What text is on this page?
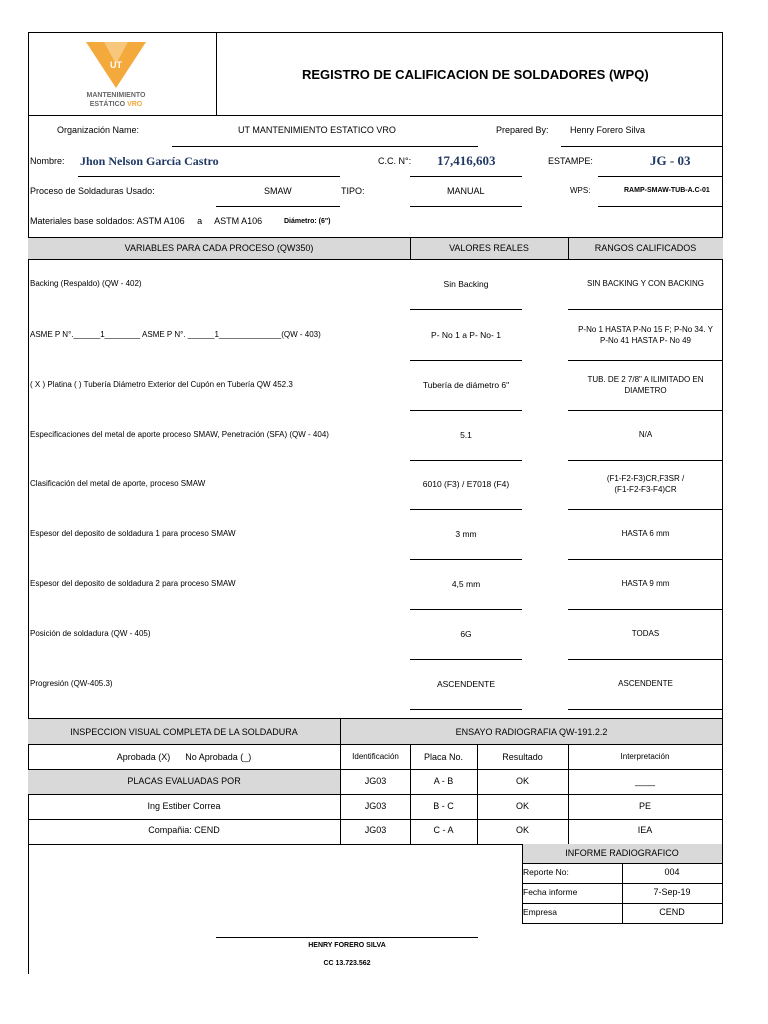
UT
MANTENIMIENTO
ESTÁTICO VRO
REGISTRO DE CALIFICACION DE SOLDADORES (WPQ)
Organización Name:	UT MANTENIMIENTO ESTATICO VRO	Prepared By: Henry Forero Silva
Nombre: Jhon Nelson García Castro	C.C. N°: 17,416,603	ESTAMPE:	JG - 03
Proceso de Soldaduras Usado:	SMAW	TIPO:	MANUAL	WPS:	RAMP-SMAW-TUB-A.C-01
Materiales base soldados: ASTM A106     a     ASTM A106	Diámetro: (6")
VARIABLES PARA CADA PROCESO (QW350)	VALORES REALES	RANGOS CALIFICADOS
Backing (Respaldo) (QW - 402)	Sin Backing	SIN BACKING Y CON BACKING
ASME P N°.______1________ ASME P N°. ______1______________(QW - 403)	P- No 1 a P- No- 1
P-No 1 HASTA P-No 15 F; P-No 34. Y
P-No 41 HASTA P- No 49
( X ) Platina ( ) Tubería Diámetro Exterior del Cupón en Tubería QW 452.3	Tubería de diámetro 6"
TUB. DE 2 7/8" A ILIMITADO EN
DIAMETRO
Especificaciones del metal de aporte proceso SMAW, Penetración (SFA) (QW - 404)	5.1	N/A
Clasificación del metal de aporte, proceso SMAW	6010 (F3) / E7018 (F4)
(F1-F2-F3)CR,F3SR /
(F1-F2-F3-F4)CR
Espesor del deposito de soldadura 1 para proceso SMAW	3 mm	HASTA 6 mm
Espesor del deposito de soldadura 2 para proceso SMAW	4,5 mm	HASTA 9 mm
Posición de soldadura (QW - 405)	6G	TODAS
Progresión (QW-405.3)	ASCENDENTE	ASCENDENTE
INSPECCION VISUAL COMPLETA DE LA SOLDADURA	ENSAYO RADIOGRAFIA QW-191.2.2
Aprobada (X)      No Aprobada (_)
PLACAS EVALUADAS POR
Ing Estiber Correa
Compañia: CEND
Identificación	Placa No.	Resultado	Interpretación
JG03	A - B	OK	____
JG03	B - C	OK	PE
JG03	C - A	OK	IEA
INFORME RADIOGRAFICO
Reporte No:	004
Fecha informe	7-Sep-19
Empresa	CEND
HENRY FORERO SILVA
CC 13.723.562
